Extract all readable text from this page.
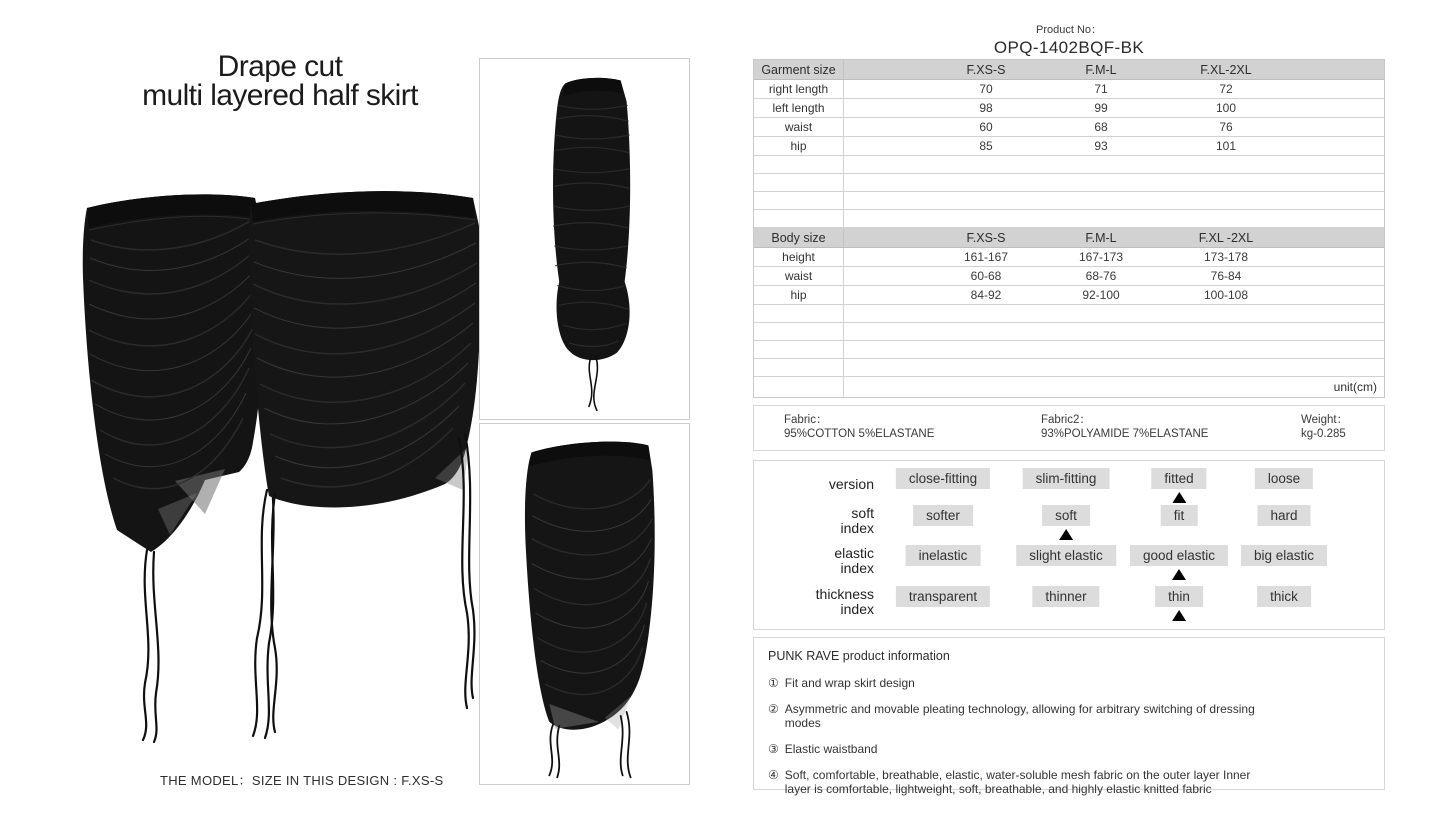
Drape cut
multi layered half skirt
THE MODEL：SIZE IN THIS DESIGN : F.XS-S
Product No：
OPQ-1402BQF-BK
Garment size	F.XS-S	F.M-L	F.XL-2XL
right length	70	71	72
left length	98	99	100
waist	60	68	76
hip	85	93	101
Body size	F.XS-S	F.M-L	F.XL -2XL
height	161-167	167-173	173-178
waist	60-68	68-76	76-84
hip	84-92	92-100	100-108
unit(cm)
Fabric：
95%COTTON 5%ELASTANE
Fabric2：
93%POLYAMIDE 7%ELASTANE
Weight：
kg-0.285
version	close-fitting	slim-fitting	fitted	loose
soft
index
softer	soft	fit	hard
elastic
index
inelastic	slight elastic	good elastic	big elastic
thickness
index
transparent	thinner	thin	thick
PUNK RAVE product information
① Fit and wrap skirt design
② Asymmetric and movable pleating technology, allowing for arbitrary switching of dressing modes
③ Elastic waistband
④ Soft, comfortable, breathable, elastic, water-soluble mesh fabric on the outer layer Inner layer is comfortable, lightweight, soft, breathable, and highly elastic knitted fabric
